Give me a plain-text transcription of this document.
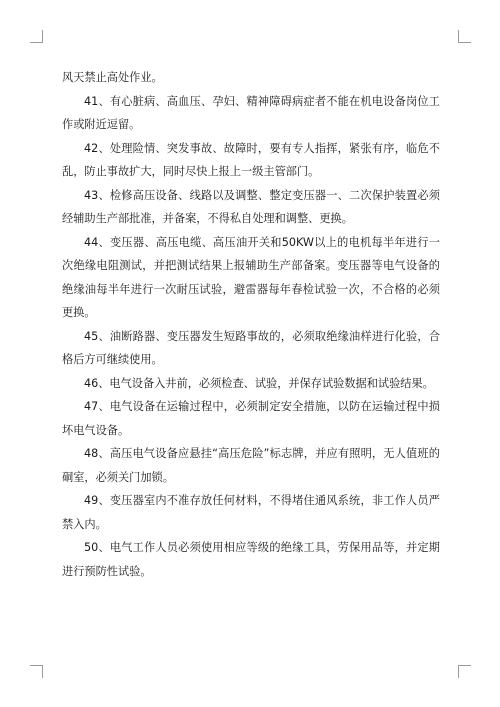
风天禁止高处作业。

41、有心脏病、高血压、孕妇、精神障碍病症者不能在机电设备岗位工作或附近逗留。

42、处理险情、突发事故、故障时，要有专人指挥，紧张有序，临危不乱，防止事故扩大，同时尽快上报上一级主管部门。

43、检修高压设备、线路以及调整、整定变压器一、二次保护装置必须经辅助生产部批准，并备案，不得私自处理和调整、更换。

44、变压器、高压电缆、高压油开关和50KW以上的电机每半年进行一次绝缘电阻测试，并把测试结果上报辅助生产部备案。变压器等电气设备的绝缘油每半年进行一次耐压试验，避雷器每年春检试验一次，不合格的必须更换。

45、油断路器、变压器发生短路事故的，必须取绝缘油样进行化验，合格后方可继续使用。

46、电气设备入井前，必须检查、试验，并保存试验数据和试验结果。

47、电气设备在运输过程中，必须制定安全措施，以防在运输过程中损坏电气设备。

48、高压电气设备应悬挂“高压危险”标志牌，并应有照明，无人值班的硐室，必须关门加锁。

49、变压器室内不准存放任何材料，不得堵住通风系统，非工作人员严禁入内。

50、电气工作人员必须使用相应等级的绝缘工具，劳保用品等，并定期进行预防性试验。
